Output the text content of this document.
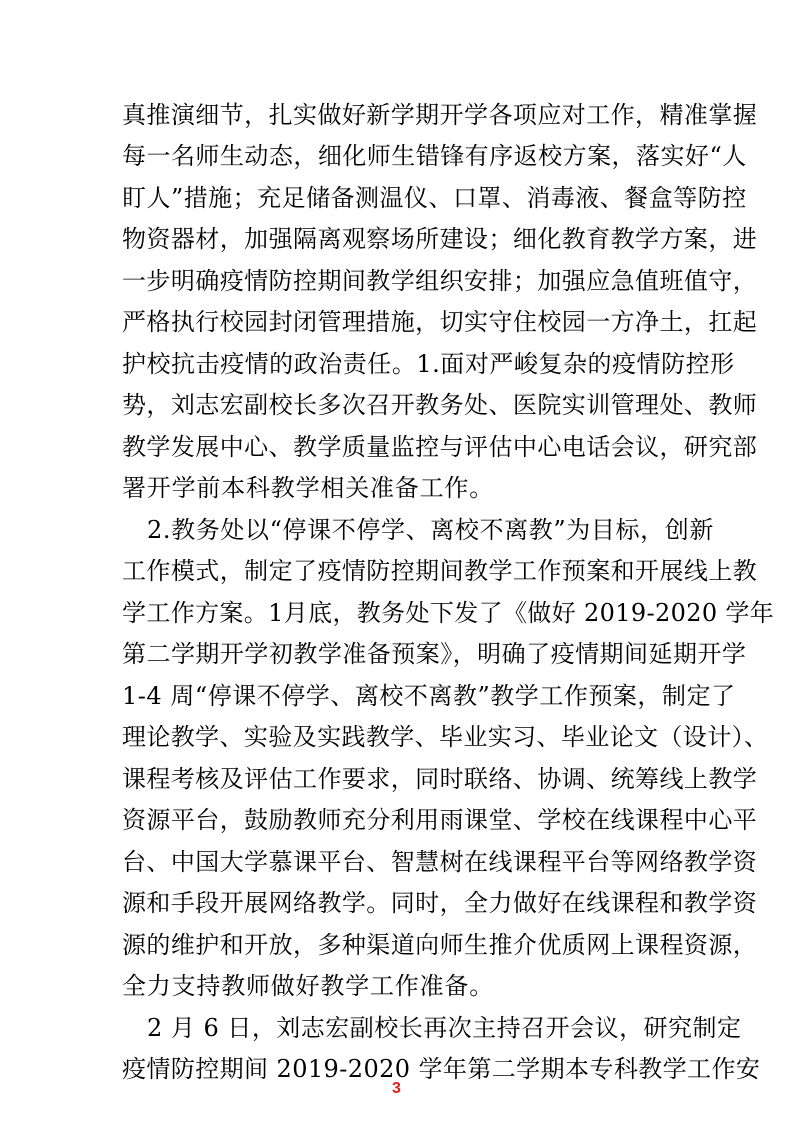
真推演细节，扎实做好新学期开学各项应对工作，精准掌握
每一名师生动态，细化师生错锋有序返校方案，落实好“人
盯人”措施；充足储备测温仪、口罩、消毒液、餐盒等防控
物资器材，加强隔离观察场所建设；细化教育教学方案，进
一步明确疫情防控期间教学组织安排；加强应急值班值守，
严格执行校园封闭管理措施，切实守住校园一方净土，扛起
护校抗击疫情的政治责任。1.面对严峻复杂的疫情防控形
势，刘志宏副校长多次召开教务处、医院实训管理处、教师
教学发展中心、教学质量监控与评估中心电话会议，研究部
署开学前本科教学相关准备工作。
2.教务处以“停课不停学、离校不离教”为目标，创新
工作模式，制定了疫情防控期间教学工作预案和开展线上教
学工作方案。1月底，教务处下发了《做好 2019-2020 学年
第二学期开学初教学准备预案》，明确了疫情期间延期开学
1-4 周“停课不停学、离校不离教”教学工作预案，制定了
理论教学、实验及实践教学、毕业实习、毕业论文（设计）、
课程考核及评估工作要求，同时联络、协调、统筹线上教学
资源平台，鼓励教师充分利用雨课堂、学校在线课程中心平
台、中国大学慕课平台、智慧树在线课程平台等网络教学资
源和手段开展网络教学。同时，全力做好在线课程和教学资
源的维护和开放，多种渠道向师生推介优质网上课程资源，
全力支持教师做好教学工作准备。
2 月 6 日，刘志宏副校长再次主持召开会议，研究制定
疫情防控期间 2019-2020 学年第二学期本专科教学工作安
3
